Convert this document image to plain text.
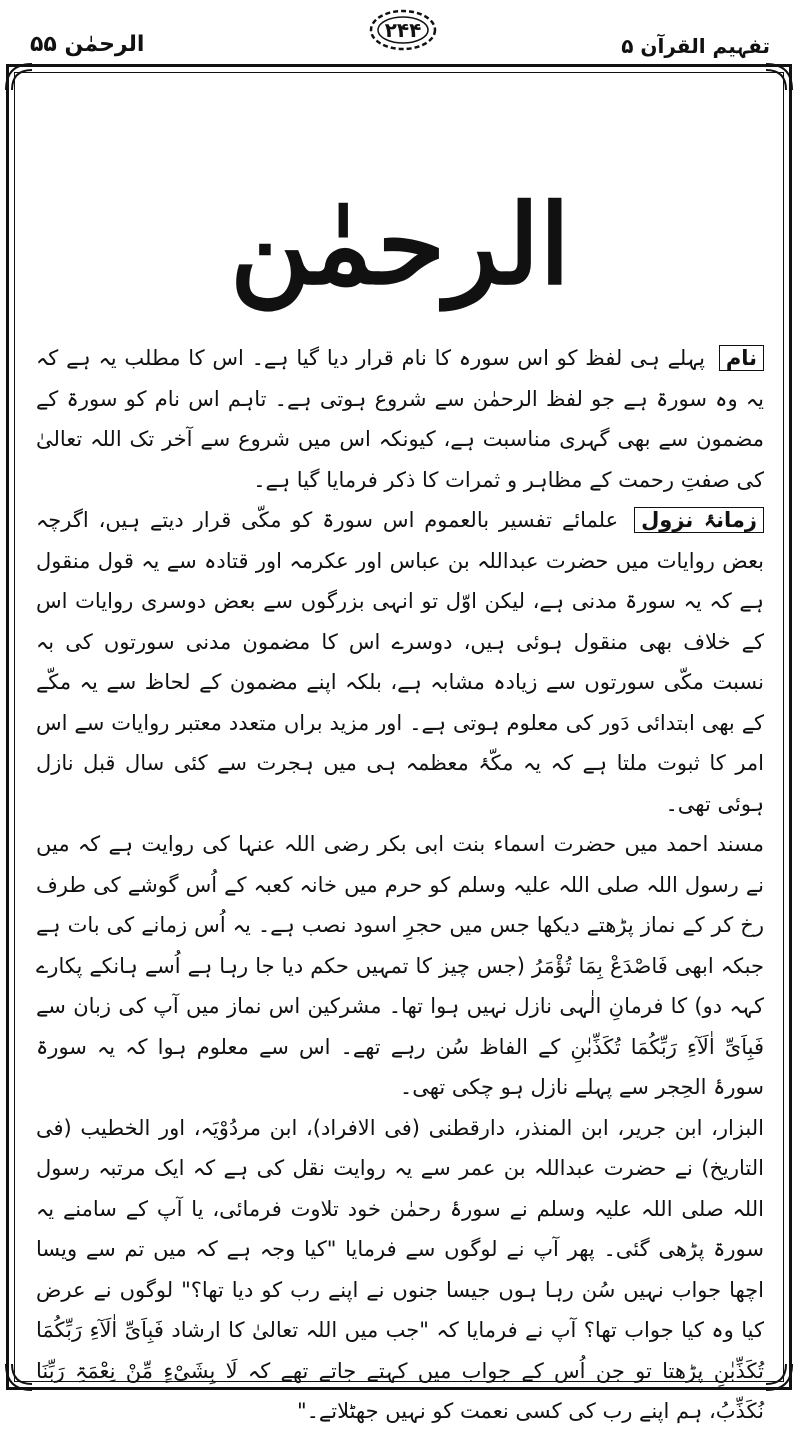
الرحمٰن ۵۵
۲۴۴
تفہیم القرآن ۵
الرحمٰن

نام پہلے ہی لفظ کو اس سورہ کا نام قرار دیا گیا ہے۔ اس کا مطلب یہ ہے کہ یہ وہ سورۃ ہے جو لفظ الرحمٰن سے شروع ہوتی ہے۔ تاہم اس نام کو سورۃ کے مضمون سے بھی گہری مناسبت ہے، کیونکہ اس میں شروع سے آخر تک اللہ تعالیٰ کی صفتِ رحمت کے مظاہر و ثمرات کا ذکر فرمایا گیا ہے۔

زمانۂ نزول علمائے تفسیر بالعموم اس سورۃ کو مکّی قرار دیتے ہیں، اگرچہ بعض روایات میں حضرت عبداللہ بن عباس اور عکرمہ اور قتادہ سے یہ قول منقول ہے کہ یہ سورۃ مدنی ہے، لیکن اوّل تو انہی بزرگوں سے بعض دوسری روایات اس کے خلاف بھی منقول ہوئی ہیں، دوسرے اس کا مضمون مدنی سورتوں کی بہ نسبت مکّی سورتوں سے زیادہ مشابہ ہے، بلکہ اپنے مضمون کے لحاظ سے یہ مکّے کے بھی ابتدائی دَور کی معلوم ہوتی ہے۔ اور مزید براں متعدد معتبر روایات سے اس امر کا ثبوت ملتا ہے کہ یہ مکّۂ معظمہ ہی میں ہجرت سے کئی سال قبل نازل ہوئی تھی۔

مسند احمد میں حضرت اسماء بنت ابی بکر رضی اللہ عنہا کی روایت ہے کہ میں نے رسول اللہ صلی اللہ علیہ وسلم کو حرم میں خانہ کعبہ کے اُس گوشے کی طرف رخ کر کے نماز پڑھتے دیکھا جس میں حجرِ اسود نصب ہے۔ یہ اُس زمانے کی بات ہے جبکہ ابھی فَاصْدَعْ بِمَا تُؤْمَرُ (جس چیز کا تمہیں حکم دیا جا رہا ہے اُسے ہانکے پکارے کہہ دو) کا فرمانِ الٰہی نازل نہیں ہوا تھا۔ مشرکین اس نماز میں آپ کی زبان سے فَبِاَیِّ اٰلَآءِ رَبِّکُمَا تُکَذِّبٰنِ کے الفاظ سُن رہے تھے۔ اس سے معلوم ہوا کہ یہ سورۃ سورۂ الحِجر سے پہلے نازل ہو چکی تھی۔

البزار، ابن جریر، ابن المنذر، دارقطنی (فی الافراد)، ابن مردُوْیَہ، اور الخطیب (فی التاریخ) نے حضرت عبداللہ بن عمر سے یہ روایت نقل کی ہے کہ ایک مرتبہ رسول اللہ صلی اللہ علیہ وسلم نے سورۂ رحمٰن خود تلاوت فرمائی، یا آپ کے سامنے یہ سورۃ پڑھی گئی۔ پھر آپ نے لوگوں سے فرمایا "کیا وجہ ہے کہ میں تم سے ویسا اچھا جواب نہیں سُن رہا ہوں جیسا جنوں نے اپنے رب کو دیا تھا؟" لوگوں نے عرض کیا وہ کیا جواب تھا؟ آپ نے فرمایا کہ "جب میں اللہ تعالیٰ کا ارشاد فَبِاَیِّ اٰلَآءِ رَبِّکُمَا تُکَذِّبٰنِ پڑھتا تو جن اُس کے جواب میں کہتے جاتے تھے کہ لَا بِشَیْءٍ مِّنْ نِعْمَۃِ رَبِّنَا نُکَذِّبُ، ہم اپنے رب کی کسی نعمت کو نہیں جھٹلاتے۔"
